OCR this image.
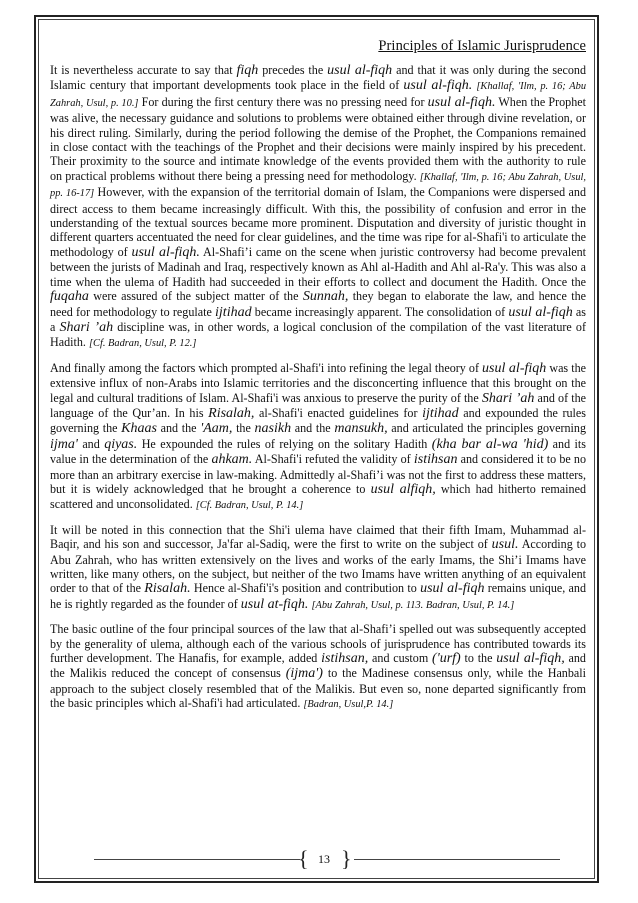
Principles of Islamic Jurisprudence

It is nevertheless accurate to say that fiqh precedes the usul al-fiqh and that it was only during the second Islamic century that important developments took place in the field of usul al-fiqh. [Khallaf, 'Ilm, p. 16; Abu Zahrah, Usul, p. 10.] For during the first century there was no pressing need for usul al-fiqh. When the Prophet was alive, the necessary guidance and solutions to problems were obtained either through divine revelation, or his direct ruling. Similarly, during the period following the demise of the Prophet, the Companions remained in close contact with the teachings of the Prophet and their decisions were mainly inspired by his precedent. Their proximity to the source and intimate knowledge of the events provided them with the authority to rule on practical problems without there being a pressing need for methodology. [Khallaf, 'Ilm, p. 16; Abu Zahrah, Usul, pp. 16-17] However, with the expansion of the territorial domain of Islam, the Companions were dispersed and direct access to them became increasingly difficult. With this, the possibility of confusion and error in the understanding of the textual sources became more prominent. Disputation and diversity of juristic thought in different quarters accentuated the need for clear guidelines, and the time was ripe for al-Shafi'i to articulate the methodology of usul al-fiqh. Al-Shafi’i came on the scene when juristic controversy had become prevalent between the jurists of Madinah and Iraq, respectively known as Ahl al-Hadith and Ahl al-Ra'y. This was also a time when the ulema of Hadith had succeeded in their efforts to collect and document the Hadith. Once the fuqaha were assured of the subject matter of the Sunnah, they began to elaborate the law, and hence the need for methodology to regulate ijtihad became increasingly apparent. The consolidation of usul al-fiqh as a Shari ’ah discipline was, in other words, a logical conclusion of the compilation of the vast literature of Hadith. [Cf. Badran, Usul, P. 12.]

And finally among the factors which prompted al-Shafi'i into refining the legal theory of usul al-fiqh was the extensive influx of non-Arabs into Islamic territories and the disconcerting influence that this brought on the legal and cultural traditions of Islam. Al-Shafi'i was anxious to preserve the purity of the Shari ’ah and of the language of the Qur’an. In his Risalah, al-Shafi'i enacted guidelines for ijtihad and expounded the rules governing the Khaas and the 'Aam, the nasikh and the mansukh, and articulated the principles governing ijma' and qiyas. He expounded the rules of relying on the solitary Hadith (kha bar al-wa 'hid) and its value in the determination of the ahkam. Al-Shafi'i refuted the validity of istihsan and considered it to be no more than an arbitrary exercise in law-making. Admittedly al-Shafi’i was not the first to address these matters, but it is widely acknowledged that he brought a coherence to usul alfiqh, which had hitherto remained scattered and unconsolidated. [Cf. Badran, Usul, P. 14.]

It will be noted in this connection that the Shi'i ulema have claimed that their fifth Imam, Muhammad al-Baqir, and his son and successor, Ja'far al-Sadiq, were the first to write on the subject of usul. According to Abu Zahrah, who has written extensively on the lives and works of the early Imams, the Shi’i Imams have written, like many others, on the subject, but neither of the two Imams have written anything of an equivalent order to that of the Risalah. Hence al-Shafi'i's position and contribution to usul al-fiqh remains unique, and he is rightly regarded as the founder of usul at-fiqh. [Abu Zahrah, Usul, p. 113. Badran, Usul, P. 14.]

The basic outline of the four principal sources of the law that al-Shafi’i spelled out was subsequently accepted by the generality of ulema, although each of the various schools of jurisprudence has contributed towards its further development. The Hanafis, for example, added istihsan, and custom ('urf) to the usul al-fiqh, and the Malikis reduced the concept of consensus (ijma') to the Madinese consensus only, while the Hanbali approach to the subject closely resembled that of the Malikis. But even so, none departed significantly from the basic principles which al-Shafi'i had articulated. [Badran, Usul,P. 14.]

{ 13 }
